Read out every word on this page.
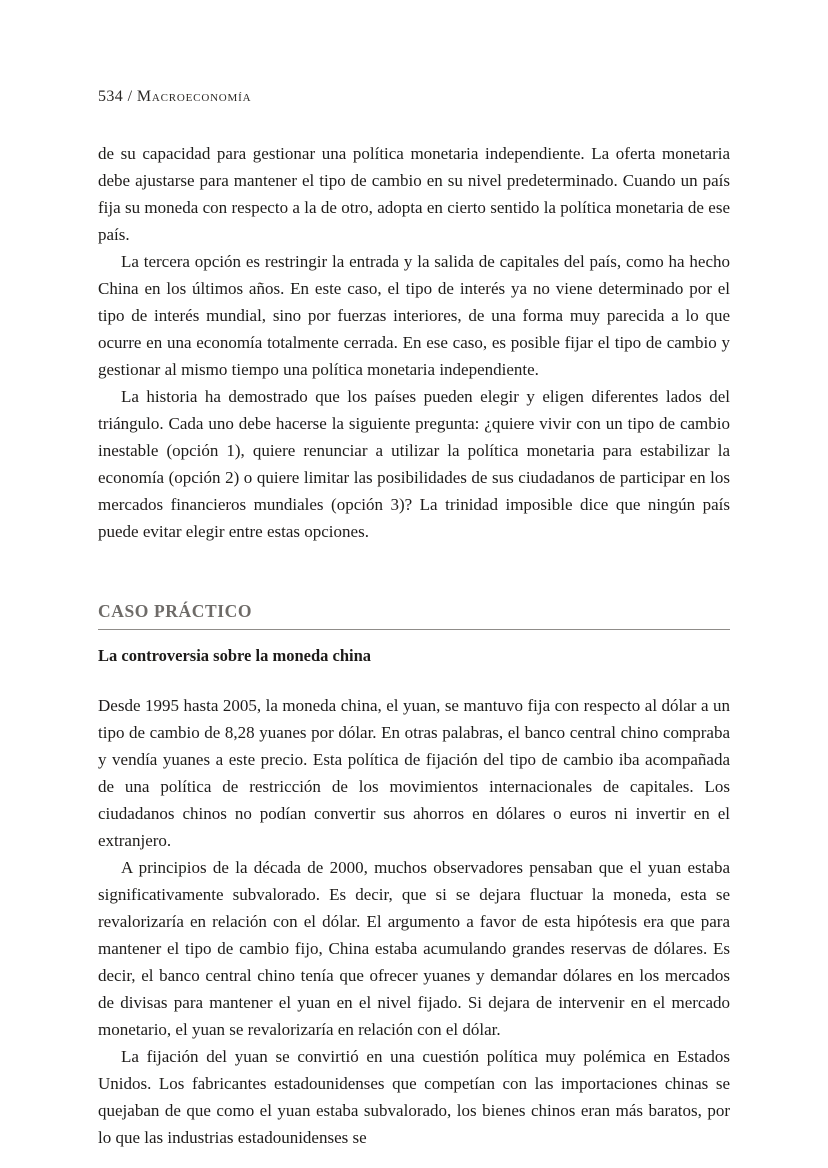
534 / Macroeconomía

de su capacidad para gestionar una política monetaria independiente. La oferta monetaria debe ajustarse para mantener el tipo de cambio en su nivel predeterminado. Cuando un país fija su moneda con respecto a la de otro, adopta en cierto sentido la política monetaria de ese país.

La tercera opción es restringir la entrada y la salida de capitales del país, como ha hecho China en los últimos años. En este caso, el tipo de interés ya no viene determinado por el tipo de interés mundial, sino por fuerzas interiores, de una forma muy parecida a lo que ocurre en una economía totalmente cerrada. En ese caso, es posible fijar el tipo de cambio y gestionar al mismo tiempo una política monetaria independiente.

La historia ha demostrado que los países pueden elegir y eligen diferentes lados del triángulo. Cada uno debe hacerse la siguiente pregunta: ¿quiere vivir con un tipo de cambio inestable (opción 1), quiere renunciar a utilizar la política monetaria para estabilizar la economía (opción 2) o quiere limitar las posibilidades de sus ciudadanos de participar en los mercados financieros mundiales (opción 3)? La trinidad imposible dice que ningún país puede evitar elegir entre estas opciones.

CASO PRÁCTICO
La controversia sobre la moneda china

Desde 1995 hasta 2005, la moneda china, el yuan, se mantuvo fija con respecto al dólar a un tipo de cambio de 8,28 yuanes por dólar. En otras palabras, el banco central chino compraba y vendía yuanes a este precio. Esta política de fijación del tipo de cambio iba acompañada de una política de restricción de los movimientos internacionales de capitales. Los ciudadanos chinos no podían convertir sus ahorros en dólares o euros ni invertir en el extranjero.

A principios de la década de 2000, muchos observadores pensaban que el yuan estaba significativamente subvalorado. Es decir, que si se dejara fluctuar la moneda, esta se revalorizaría en relación con el dólar. El argumento a favor de esta hipótesis era que para mantener el tipo de cambio fijo, China estaba acumulando grandes reservas de dólares. Es decir, el banco central chino tenía que ofrecer yuanes y demandar dólares en los mercados de divisas para mantener el yuan en el nivel fijado. Si dejara de intervenir en el mercado monetario, el yuan se revalorizaría en relación con el dólar.

La fijación del yuan se convirtió en una cuestión política muy polémica en Estados Unidos. Los fabricantes estadounidenses que competían con las importaciones chinas se quejaban de que como el yuan estaba subvalorado, los bienes chinos eran más baratos, por lo que las industrias estadounidenses se
